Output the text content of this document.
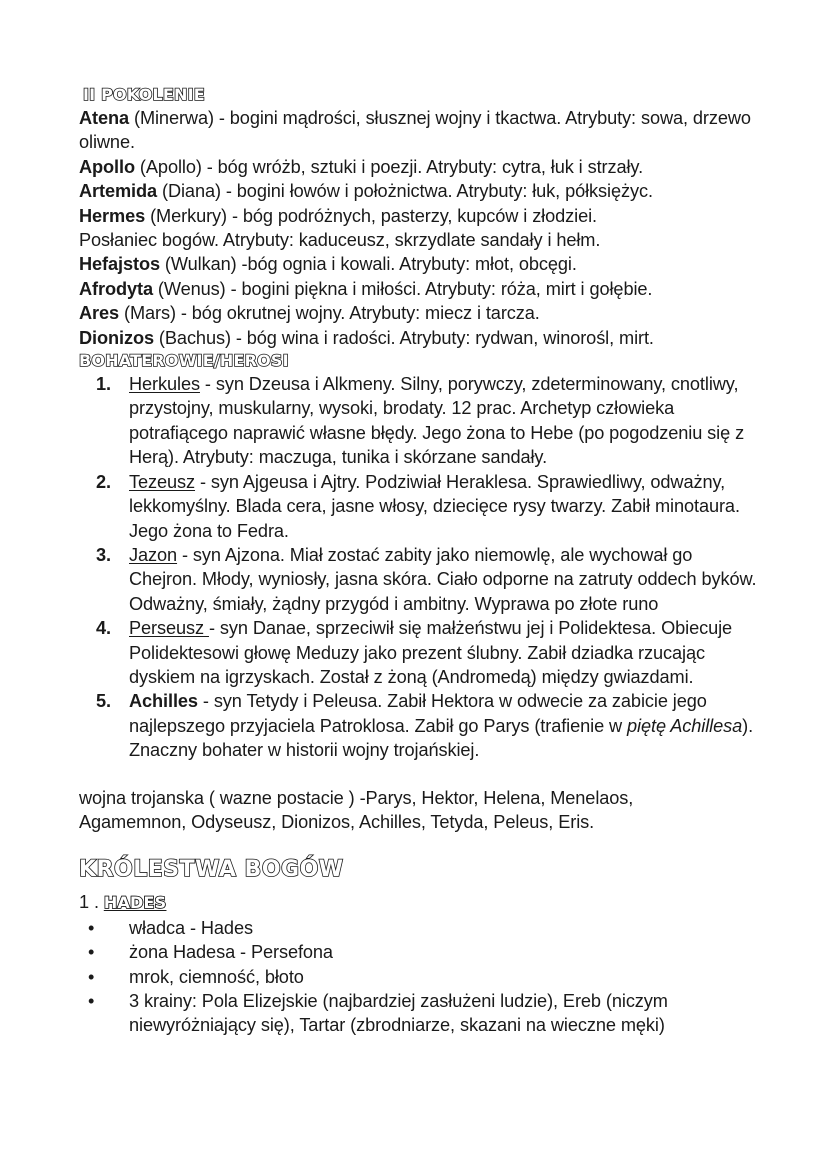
II POKOLENIE
Atena (Minerwa) - bogini mądrości, słusznej wojny i tkactwa. Atrybuty: sowa, drzewo oliwne.
Apollo (Apollo) - bóg wróżb, sztuki i poezji. Atrybuty: cytra, łuk i strzały.
Artemida (Diana) - bogini łowów i położnictwa. Atrybuty: łuk, półksiężyc.
Hermes (Merkury) - bóg podróżnych, pasterzy, kupców i złodziei. Posłaniec bogów. Atrybuty: kaduceusz, skrzydlate sandały i hełm.
Hefajstos (Wulkan) -bóg ognia i kowali. Atrybuty: młot, obcęgi.
Afrodyta (Wenus) - bogini piękna i miłości. Atrybuty: róża, mirt i gołębie.
Ares (Mars) - bóg okrutnej wojny. Atrybuty: miecz i tarcza.
Dionizos (Bachus) - bóg wina i radości. Atrybuty: rydwan, winorośl, mirt.
BOHATEROWIE/HEROSI
1. Herkules - syn Dzeusa i Alkmeny. Silny, porywczy, zdeterminowany, cnotliwy, przystojny, muskularny, wysoki, brodaty. 12 prac. Archetyp człowieka potrafiącego naprawić własne błędy. Jego żona to Hebe (po pogodzeniu się z Herą). Atrybuty: maczuga, tunika i skórzane sandały.
2. Tezeusz - syn Ajgeusa i Ajtry. Podziwiał Heraklesa. Sprawiedliwy, odważny, lekkomyślny. Blada cera, jasne włosy, dziecięce rysy twarzy. Zabił minotaura. Jego żona to Fedra.
3. Jazon - syn Ajzona. Miał zostać zabity jako niemowlę, ale wychował go Chejron. Młody, wyniosły, jasna skóra. Ciało odporne na zatruty oddech byków. Odważny, śmiały, żądny przygód i ambitny. Wyprawa po złote runo
4. Perseusz - syn Danae, sprzeciwił się małżeństwu jej i Polidektesa. Obiecuje Polidektesowi głowę Meduzy jako prezent ślubny. Zabił dziadka rzucając dyskiem na igrzyskach. Został z żoną (Andromedą) między gwiazdami.
5. Achilles - syn Tetydy i Peleusa. Zabił Hektora w odwecie za zabicie jego najlepszego przyjaciela Patroklosa. Zabił go Parys (trafienie w piętę Achillesa). Znaczny bohater w historii wojny trojańskiej.
wojna trojanska ( wazne postacie ) -Parys, Hektor, Helena, Menelaos, Agamemnon, Odyseusz, Dionizos, Achilles, Tetyda, Peleus, Eris.
KRÓLESTWA BOGÓW
1 . HADES
• władca - Hades
• żona Hadesa - Persefona
• mrok, ciemność, błoto
• 3 krainy: Pola Elizejskie (najbardziej zasłużeni ludzie), Ereb (niczym niewyróżniający się), Tartar (zbrodniarze, skazani na wieczne męki)
